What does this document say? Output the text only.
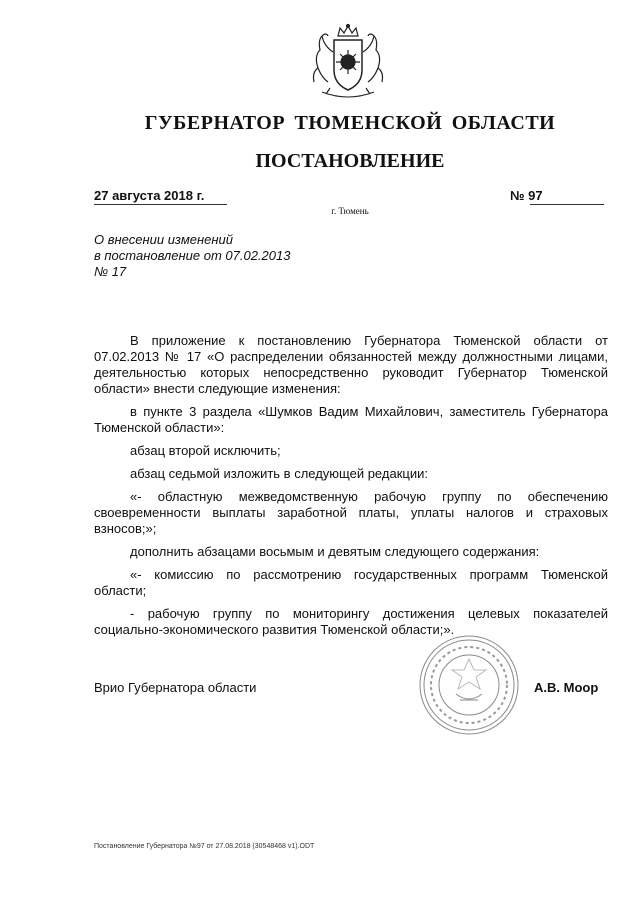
ГУБЕРНАТОР ТЮМЕНСКОЙ ОБЛАСТИ
ПОСТАНОВЛЕНИЕ
27 августа 2018 г.	№ 97
г. Тюмень
О внесении изменений
в постановление от 07.02.2013
№ 17

В приложение к постановлению Губернатора Тюменской области от 07.02.2013 № 17 «О распределении обязанностей между должностными лицами, деятельностью которых непосредственно руководит Губернатор Тюменской области» внести следующие изменения:

в пункте 3 раздела «Шумков Вадим Михайлович, заместитель Губернатора Тюменской области»:

абзац второй исключить;

абзац седьмой изложить в следующей редакции:

«- областную межведомственную рабочую группу по обеспечению своевременности выплаты заработной платы, уплаты налогов и страховых взносов;»;

дополнить абзацами восьмым и девятым следующего содержания:

«- комиссию по рассмотрению государственных программ Тюменской области;

- рабочую группу по мониторингу достижения целевых показателей социально-экономического развития Тюменской области;».

Врио Губернатора области	А.В. Моор
Постановление Губернатора №97 от 27.08.2018 (30548468 v1).ODT
